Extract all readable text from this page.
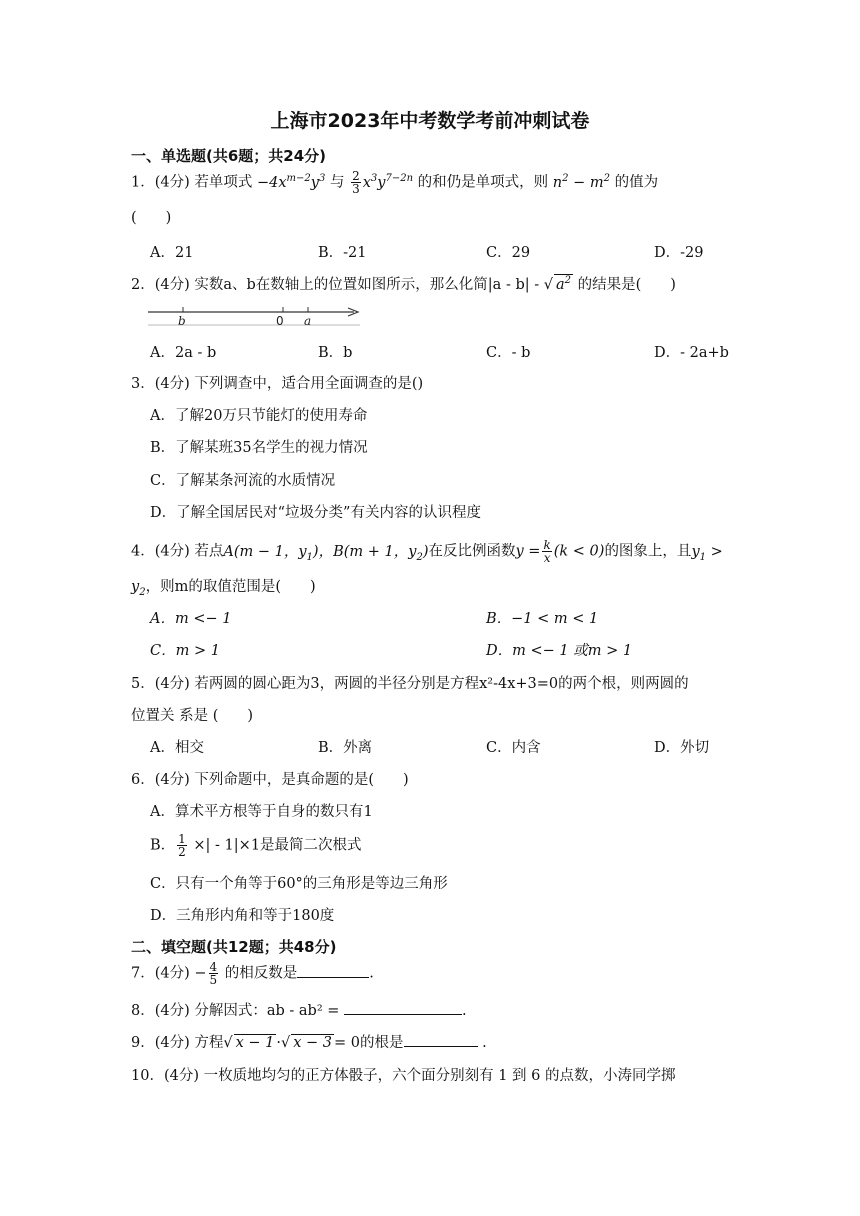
上海市2023年中考数学考前冲刺试卷
一、单选题(共6题；共24分)
1．(4分) 若单项式 $-4x^{m-2}y^3$ 与 $\frac{2}{3} x^3y^{7-2n}$ 的和仍是单项式，则 $n^2 - m^2$ 的值为
(　　)
A．21	B．-21	C．29	D．-29
2．(4分) 实数a、b在数轴上的位置如图所示，那么化简|a - b| - √ $a^2$ 的结果是(　　)
b	0 a
A．2a - b	B．b	C．- b	D．- 2a+b
3．(4分) 下列调查中，适合用全面调查的是()
A．了解20万只节能灯的使用寿命
B．了解某班35名学生的视力情况
C．了解某条河流的水质情况
D．了解全国居民对“垃圾分类”有关内容的认识程度
4．(4分) 若点A(m − 1，$y_1$)，B(m + 1，$y_2$)在反比例函数$y = \frac{k}{x} (k < 0)$的图象上，且$y_1$ >
$y_2$，则m的取值范围是(　　)
A．m <− 1	B．−1 < m < 1
C．m > 1	D．m <− 1 或m > 1
5．(4分) 若两圆的圆心距为3，两圆的半径分别是方程x²-4x+3=0的两个根，则两圆的
位置关 系是 (　　)
A．相交	B．外离	C．内含	D．外切
6．(4分) 下列命题中，是真命题的是(　　)
A．算术平方根等于自身的数只有1
B． $\frac{1}{2}$ ×| - 1|×1是最简二次根式
C．只有一个角等于60°的三角形是等边三角形
D．三角形内角和等于180度
二、填空题(共12题；共48分)
7．(4分) − $\frac{4}{5}$ 的相反数是	.
8．(4分) 分解因式：ab - ab² =	.
9．(4分) 方程√ x − 1 ·√ x − 3 = 0的根是	.
10．(4分) 一枚质地均匀的正方体骰子，六个面分别刻有 1 到 6 的点数，小涛同学掷
